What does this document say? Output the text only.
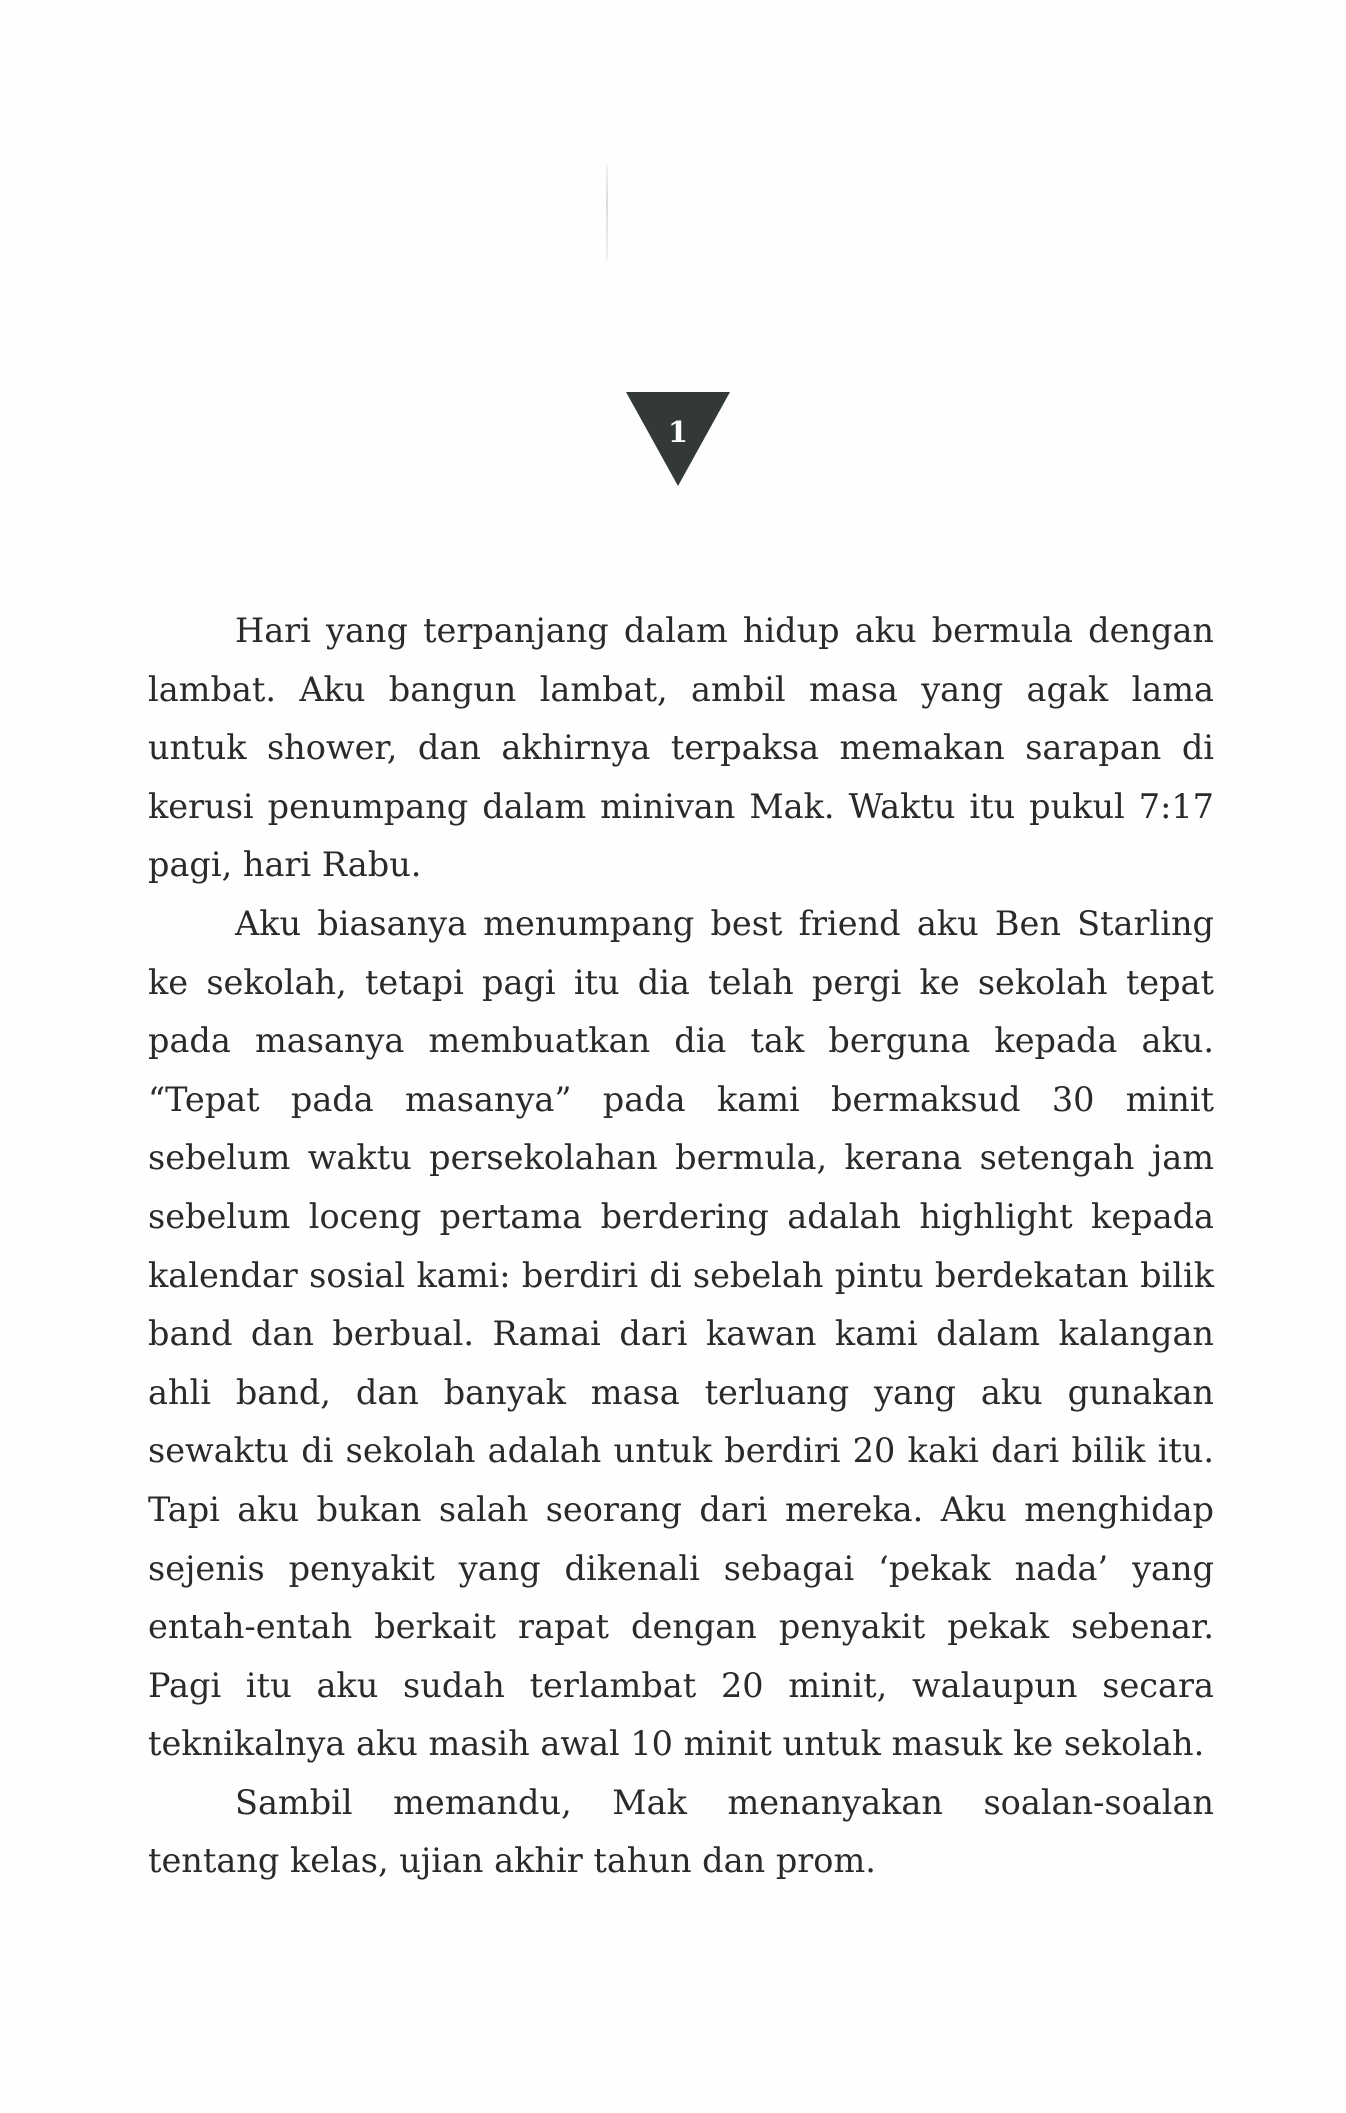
1

Hari yang terpanjang dalam hidup aku bermula dengan lambat. Aku bangun lambat, ambil masa yang agak lama untuk shower, dan akhirnya terpaksa memakan sarapan di kerusi penumpang dalam minivan Mak. Waktu itu pukul 7:17 pagi, hari Rabu.

Aku biasanya menumpang best friend aku Ben Starling ke sekolah, tetapi pagi itu dia telah pergi ke sekolah tepat pada masanya membuatkan dia tak berguna kepada aku. “Tepat pada masanya” pada kami bermaksud 30 minit sebelum waktu persekolahan bermula, kerana setengah jam sebelum loceng pertama berdering adalah highlight kepada kalendar sosial kami: berdiri di sebelah pintu berdekatan bilik band dan berbual. Ramai dari kawan kami dalam kalangan ahli band, dan banyak masa terluang yang aku gunakan sewaktu di sekolah adalah untuk berdiri 20 kaki dari bilik itu. Tapi aku bukan salah seorang dari mereka. Aku menghidap sejenis penyakit yang dikenali sebagai ‘pekak nada’ yang entah-entah berkait rapat dengan penyakit pekak sebenar. Pagi itu aku sudah terlambat 20 minit, walaupun secara teknikalnya aku masih awal 10 minit untuk masuk ke sekolah.

Sambil memandu, Mak menanyakan soalan-soalan tentang kelas, ujian akhir tahun dan prom.
